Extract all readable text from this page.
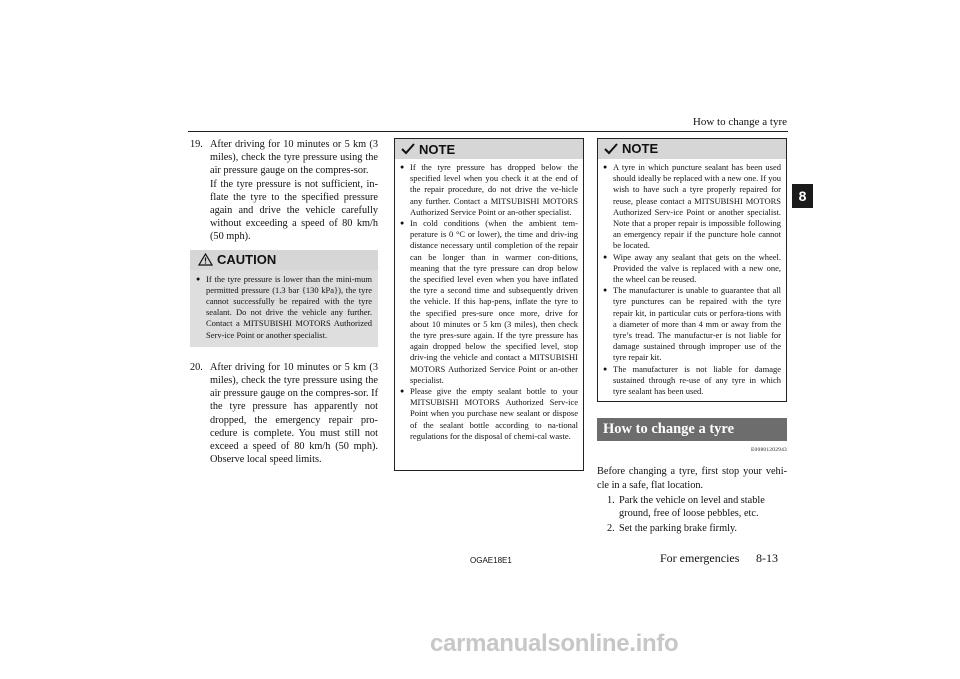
How to change a tyre
8
19. After driving for 10 minutes or 5 km (3 miles), check the tyre pressure using the air pressure gauge on the compres-sor.

If the tyre pressure is not sufficient, in-flate the tyre to the specified pressure again and drive the vehicle carefully without exceeding a speed of 80 km/h (50 mph).

CAUTION
● If the tyre pressure is lower than the mini-mum permitted pressure (1.3 bar {130 kPa}), the tyre cannot successfully be repaired with the tyre sealant. Do not drive the vehicle any further. Contact a MITSUBISHI MOTORS Authorized Serv-ice Point or another specialist.
20. After driving for 10 minutes or 5 km (3 miles), check the tyre pressure using the air pressure gauge on the compres-sor. If the tyre pressure has apparently not dropped, the emergency repair pro-cedure is complete. You must still not exceed a speed of 80 km/h (50 mph). Observe local speed limits.

NOTE
● If the tyre pressure has dropped below the specified level when you check it at the end of the repair procedure, do not drive the ve-hicle any further. Contact a MITSUBISHI MOTORS Authorized Service Point or an-other specialist.
● In cold conditions (when the ambient tem-perature is 0 °C or lower), the time and driv-ing distance necessary until completion of the repair can be longer than in warmer con-ditions, meaning that the tyre pressure can drop below the specified level even when you have inflated the tyre a second time and subsequently driven the vehicle. If this hap-pens, inflate the tyre to the specified pres-sure once more, drive for about 10 minutes or 5 km (3 miles), then check the tyre pres-sure again. If the tyre pressure has again dropped below the specified level, stop driv-ing the vehicle and contact a MITSUBISHI MOTORS Authorized Service Point or an-other specialist.
● Please give the empty sealant bottle to your MITSUBISHI MOTORS Authorized Serv-ice Point when you purchase new sealant or dispose of the sealant bottle according to na-tional regulations for the disposal of chemi-cal waste.
NOTE
● A tyre in which puncture sealant has been used should ideally be replaced with a new one. If you wish to have such a tyre properly repaired for reuse, please contact a MITSUBISHI MOTORS Authorized Serv-ice Point or another specialist. Note that a proper repair is impossible following an emergency repair if the puncture hole cannot be located.
● Wipe away any sealant that gets on the wheel. Provided the valve is replaced with a new one, the wheel can be reused.
● The manufacturer is unable to guarantee that all tyre punctures can be repaired with the tyre repair kit, in particular cuts or perfora-tions with a diameter of more than 4 mm or away from the tyre’s tread. The manufactur-er is not liable for damage sustained through improper use of the tyre repair kit.
● The manufacturer is not liable for damage sustained through re-use of any tyre in which tyre sealant has been used.
How to change a tyre
E00801202943
Before changing a tyre, first stop your vehi-cle in a safe, flat location.
1. Park the vehicle on level and stable ground, free of loose pebbles, etc.
2. Set the parking brake firmly.
OGAE18E1	For emergencies 8-13
carmanualsonline.info
